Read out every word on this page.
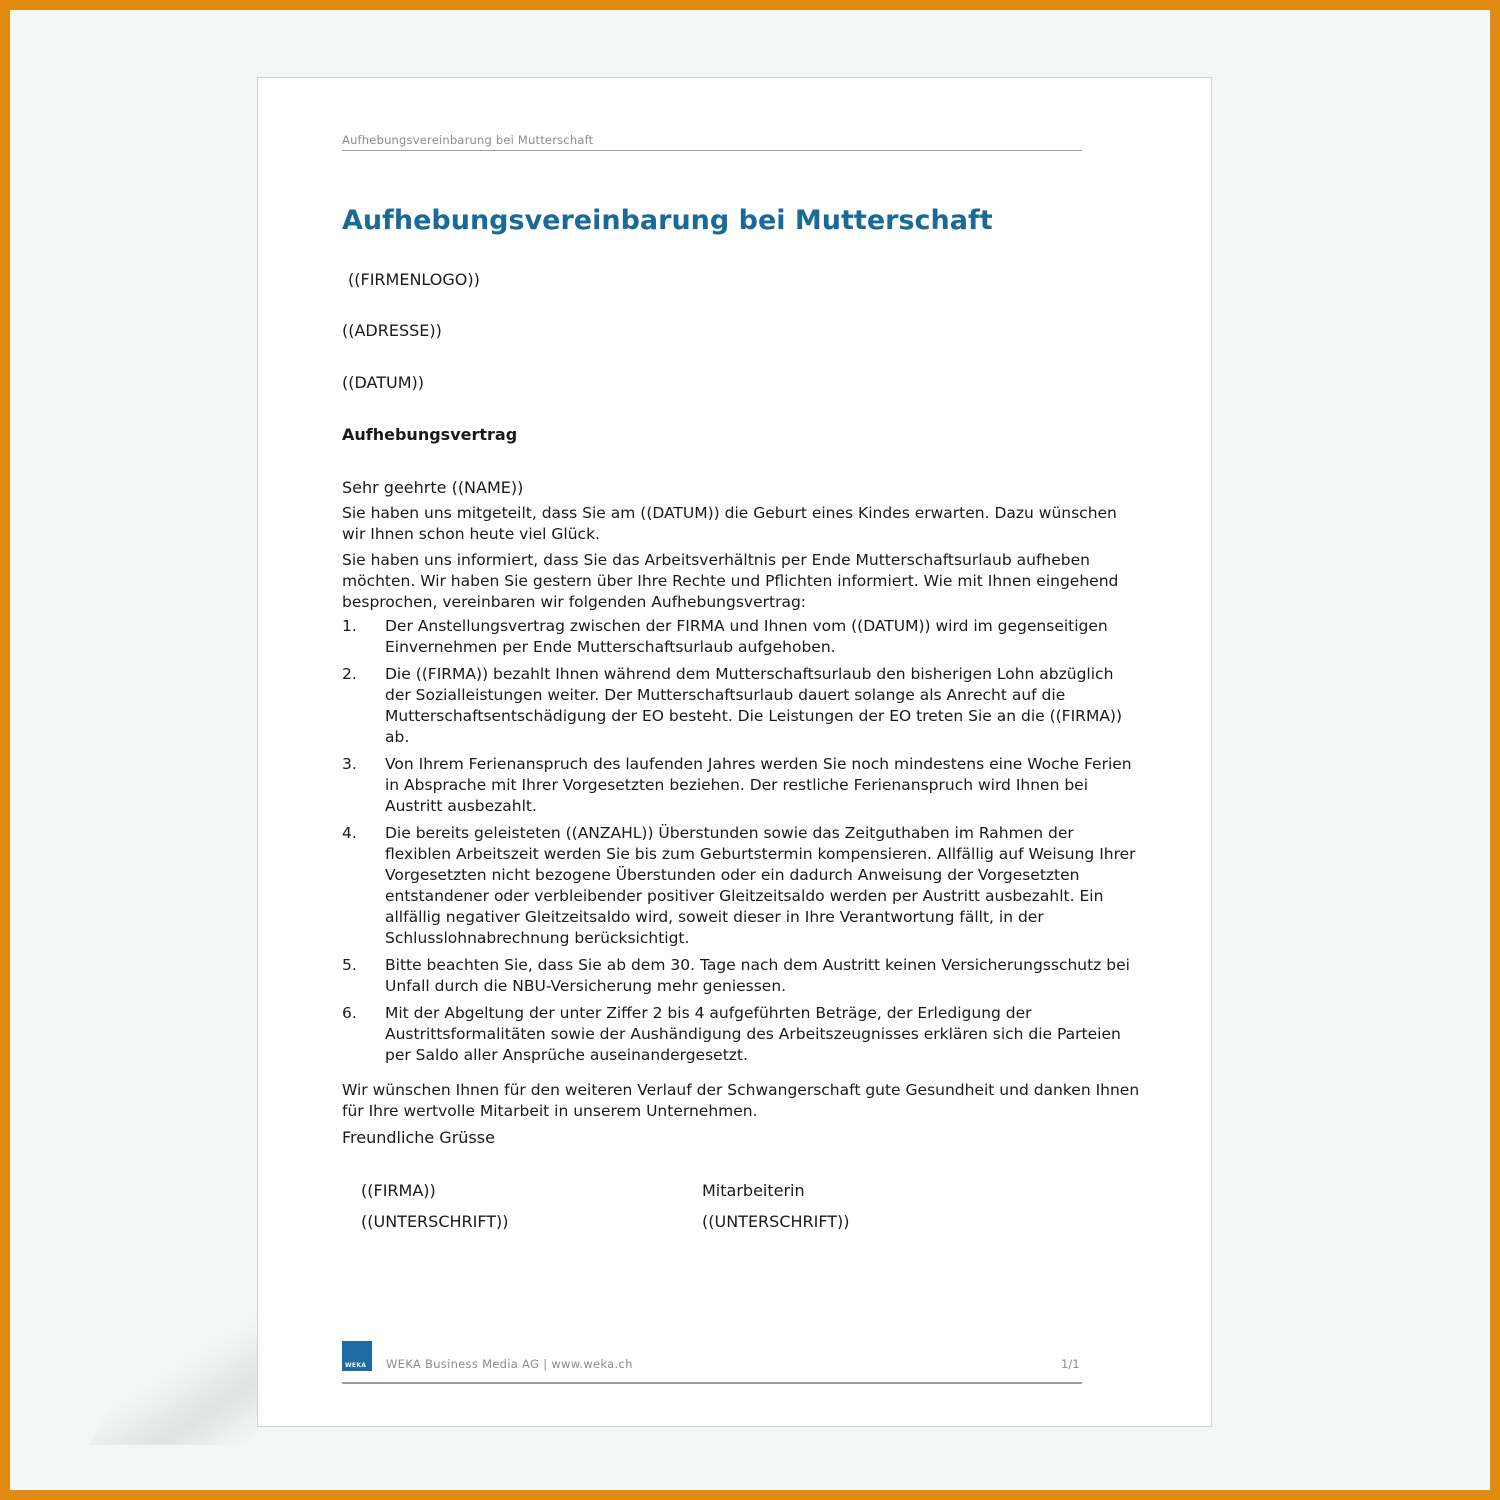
Aufhebungsvereinbarung bei Mutterschaft
Aufhebungsvereinbarung bei Mutterschaft
((FIRMENLOGO))
((ADRESSE))
((DATUM))
Aufhebungsvertrag
Sehr geehrte ((NAME))

Sie haben uns mitgeteilt, dass Sie am ((DATUM)) die Geburt eines Kindes erwarten. Dazu wünschen wir Ihnen schon heute viel Glück.

Sie haben uns informiert, dass Sie das Arbeitsverhältnis per Ende Mutterschaftsurlaub aufheben möchten. Wir haben Sie gestern über Ihre Rechte und Pflichten informiert. Wie mit Ihnen eingehend besprochen, vereinbaren wir folgenden Aufhebungsvertrag:

1. Der Anstellungsvertrag zwischen der FIRMA und Ihnen vom ((DATUM)) wird im gegenseitigen Einvernehmen per Ende Mutterschaftsurlaub aufgehoben.
2. Die ((FIRMA)) bezahlt Ihnen während dem Mutterschaftsurlaub den bisherigen Lohn abzüglich der Sozialleistungen weiter. Der Mutterschaftsurlaub dauert solange als Anrecht auf die Mutterschaftsentschädigung der EO besteht. Die Leistungen der EO treten Sie an die ((FIRMA)) ab.
3. Von Ihrem Ferienanspruch des laufenden Jahres werden Sie noch mindestens eine Woche Ferien in Absprache mit Ihrer Vorgesetzten beziehen. Der restliche Ferienanspruch wird Ihnen bei Austritt ausbezahlt.
4. Die bereits geleisteten ((ANZAHL)) Überstunden sowie das Zeitguthaben im Rahmen der flexiblen Arbeitszeit werden Sie bis zum Geburtstermin kompensieren. Allfällig auf Weisung Ihrer Vorgesetzten nicht bezogene Überstunden oder ein dadurch Anweisung der Vorgesetzten entstandener oder verbleibender positiver Gleitzeitsaldo werden per Austritt ausbezahlt. Ein allfällig negativer Gleitzeitsaldo wird, soweit dieser in Ihre Verantwortung fällt, in der Schlusslohnabrechnung berücksichtigt.
5. Bitte beachten Sie, dass Sie ab dem 30. Tage nach dem Austritt keinen Versicherungsschutz bei Unfall durch die NBU-Versicherung mehr geniessen.
6. Mit der Abgeltung der unter Ziffer 2 bis 4 aufgeführten Beträge, der Erledigung der Austrittsformalitäten sowie der Aushändigung des Arbeitszeugnisses erklären sich die Parteien per Saldo aller Ansprüche auseinandergesetzt.

Wir wünschen Ihnen für den weiteren Verlauf der Schwangerschaft gute Gesundheit und danken Ihnen für Ihre wertvolle Mitarbeit in unserem Unternehmen.

Freundliche Grüsse
((FIRMA))
((UNTERSCHRIFT))
Mitarbeiterin
((UNTERSCHRIFT))
WEKA WEKA Business Media AG | www.weka.ch	1/1
